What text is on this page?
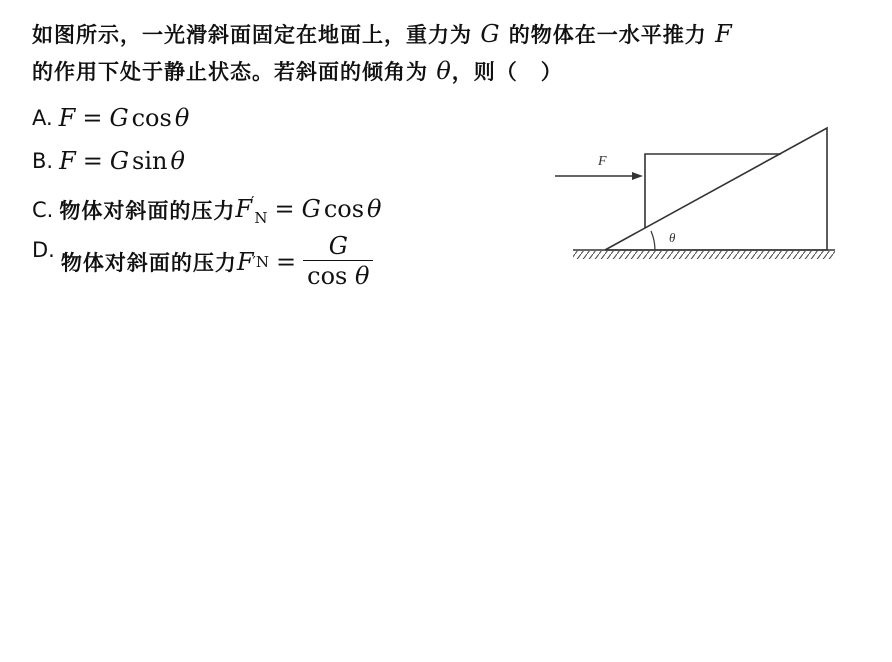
如图所示，一光滑斜面固定在地面上，重力为 G 的物体在一水平推力 F
的作用下处于静止状态。若斜面的倾角为 θ，则（ ）
A. F = G cos θ
B. F = G sin θ
C. 物体对斜面的压力 $F'_N = G$ cos θ
D.
物体对斜面的压力 F ′ $N = \frac{G}{\text{cos θ}}$
F
θ
